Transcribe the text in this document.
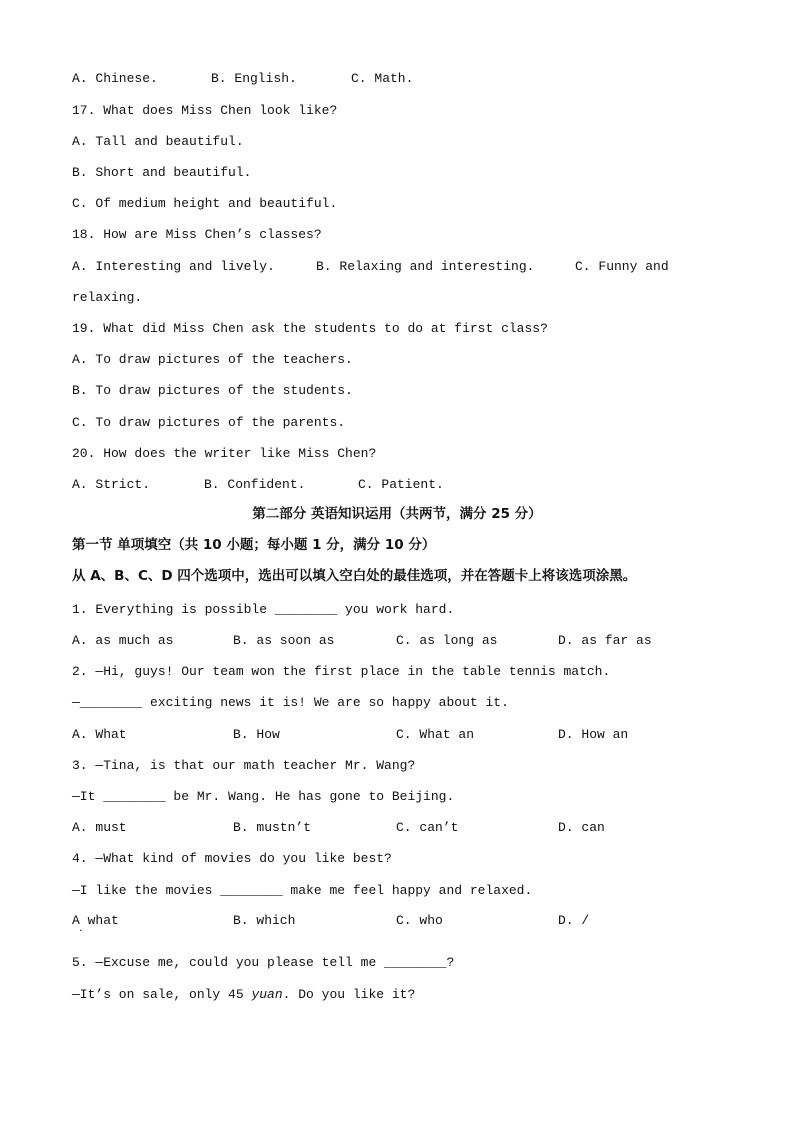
A. Chinese.	B. English.	C. Math.
17. What does Miss Chen look like?
A. Tall and beautiful.
B. Short and beautiful.
C. Of medium height and beautiful.
18. How are Miss Chen’s classes?
A. Interesting and lively.	B. Relaxing and interesting.	C. Funny and
relaxing.
19. What did Miss Chen ask the students to do at first class?
A. To draw pictures of the teachers.
B. To draw pictures of the students.
C. To draw pictures of the parents.
20. How does the writer like Miss Chen?
A. Strict.	B. Confident.	C. Patient.
第二部分 英语知识运用（共两节，满分 25 分）
第一节 单项填空（共 10 小题；每小题 1 分，满分 10 分）
从 A、B、C、D 四个选项中，选出可以填入空白处的最佳选项，并在答题卡上将该选项涂黑。
1. Everything is possible ________ you work hard.
A. as much as	B. as soon as	C. as long as	D. as far as
2. —Hi, guys! Our team won the first place in the table tennis match.
—________ exciting news it is! We are so happy about it.
A. What	B. How	C. What an	D. How an
3. —Tina, is that our math teacher Mr. Wang?
—It ________ be Mr. Wang. He has gone to Beijing.
A. must	B. mustn’t	C. can’t	D. can
4. —What kind of movies do you like best?
—I like the movies ________ make me feel happy and relaxed.
A what	B. which	C. who	D. /
·
5. —Excuse me, could you please tell me ________?
—It’s on sale, only 45 yuan. Do you like it?
